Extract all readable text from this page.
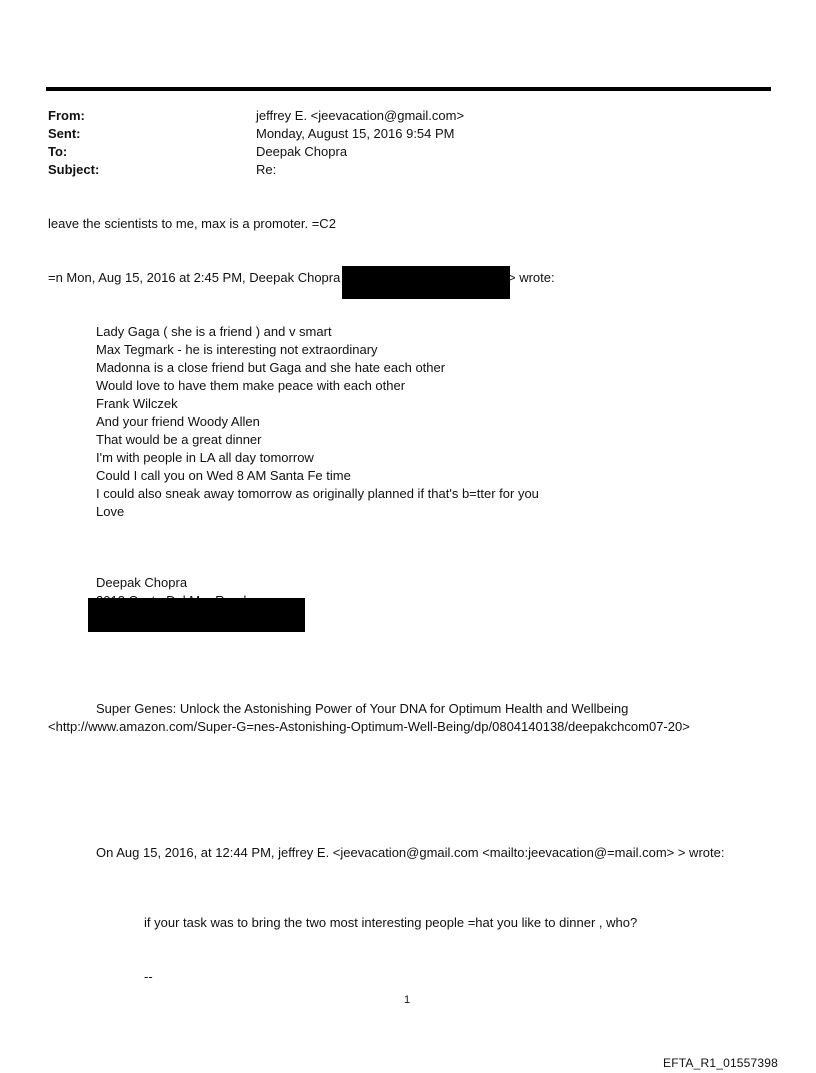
From:	jeffrey E. <jeevacation@gmail.com>
Sent:	Monday, August 15, 2016 9:54 PM
To:	Deepak Chopra
Subject:	Re:
leave the scientists to me, max is a promoter. =C2
=n Mon, Aug 15, 2016 at 2:45 PM, Deepak Chopra	> wrote:
Lady Gaga ( she is a friend ) and v smart
Max Tegmark - he is interesting not extraordinary
Madonna is a close friend but Gaga and she hate each other
Would love to have them make peace with each other
Frank Wilczek
And your friend Woody Allen
That would be a great dinner
I'm with people in LA all day tomorrow
Could I call you on Wed 8 AM Santa Fe time
I could also sneak away tomorrow as originally planned if that's b=tter for you
Love
Deepak Chopra
Super Genes: Unlock the Astonishing Power of Your DNA for Optimum Health and Wellbeing
<http://www.amazon.com/Super-G=nes-Astonishing-Optimum-Well-Being/dp/0804140138/deepakchcom07-20>
On Aug 15, 2016, at 12:44 PM, jeffrey E. <jeevacation@gmail.com <mailto:jeevacation@=mail.com> > wrote:
if your task was to bring the two most interesting people =hat you like to dinner , who?
--
1
EFTA_R1_01557398
